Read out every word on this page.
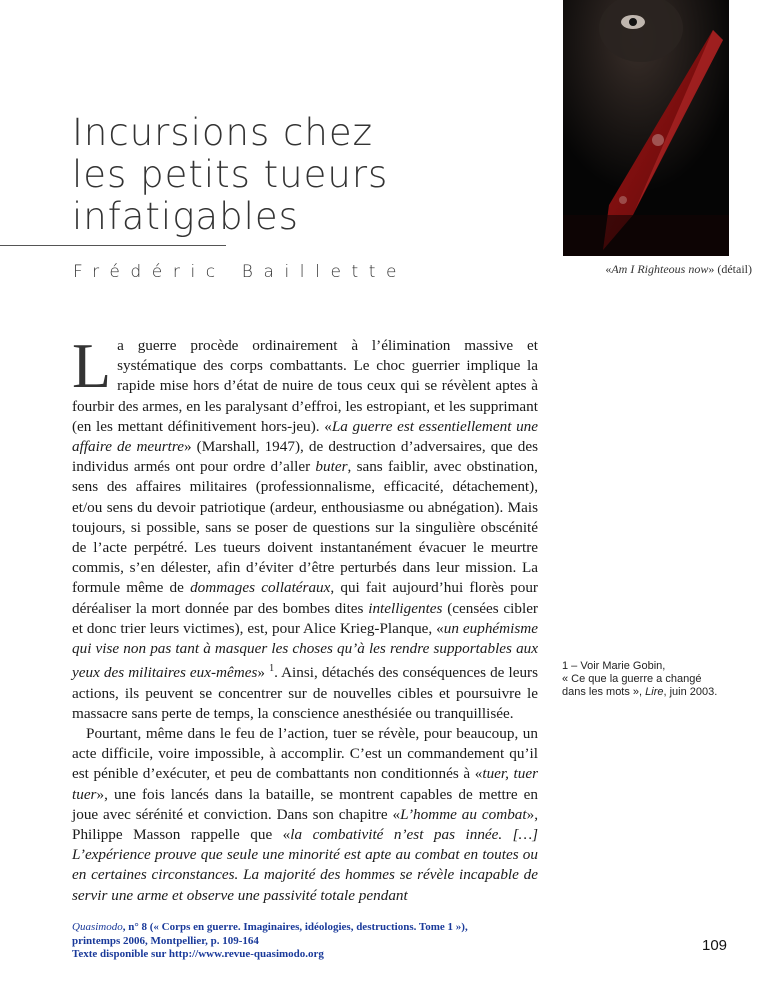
Incursions chez
les petits tueurs
infatigables
Frédéric Baillette	«Am I Righteous now» (détail)

La guerre procède ordinairement à l’élimination massive et systématique des corps combattants. Le choc guerrier implique la rapide mise hors d’état de nuire de tous ceux qui se révèlent aptes à fourbir des armes, en les paralysant d’effroi, les estropiant, et les supprimant (en les mettant définitivement hors-jeu). «La guerre est essentiellement une affaire de meurtre» (Marshall, 1947), de destruction d’adversaires, que des individus armés ont pour ordre d’aller buter, sans faiblir, avec obstination, sens des affaires militaires (professionnalisme, efficacité, détachement), et/ou sens du devoir patriotique (ardeur, enthousiasme ou abnégation). Mais toujours, si possible, sans se poser de questions sur la singulière obscénité de l’acte perpétré. Les tueurs doivent instantanément évacuer le meurtre commis, s’en délester, afin d’éviter d’être perturbés dans leur mission. La formule même de dommages collatéraux, qui fait aujourd’hui florès pour déréaliser la mort donnée par des bombes dites intelligentes (censées cibler et donc trier leurs victimes), est, pour Alice Krieg-Planque, «un euphémisme qui vise non pas tant à masquer les choses qu’à les rendre supportables aux yeux des militaires eux-mêmes» $^1$. Ainsi, détachés des conséquences de leurs actions, ils peuvent se concentrer sur de nouvelles cibles et poursuivre le massacre sans perte de temps, la conscience anesthésiée ou tranquillisée.

Pourtant, même dans le feu de l’action, tuer se révèle, pour beaucoup, un acte difficile, voire impossible, à accomplir. C’est un commandement qu’il est pénible d’exécuter, et peu de combattants non conditionnés à «tuer, tuer tuer», une fois lancés dans la bataille, se montrent capables de mettre en joue avec sérénité et conviction. Dans son chapitre «L’homme au combat», Philippe Masson rappelle que «la combativité n’est pas innée. […] L’expérience prouve que seule une minorité est apte au combat en toutes ou en certaines circonstances. La majorité des hommes se révèle incapable de servir une arme et observe une passivité totale pendant

1 – Voir Marie Gobin,
« Ce que la guerre a changé
dans les mots », Lire, juin 2003.
Quasimodo, n° 8 (« Corps en guerre. Imaginaires, idéologies, destructions. Tome 1 »),
printemps 2006, Montpellier, p. 109-164
Texte disponible sur http://www.revue-quasimodo.org	109
